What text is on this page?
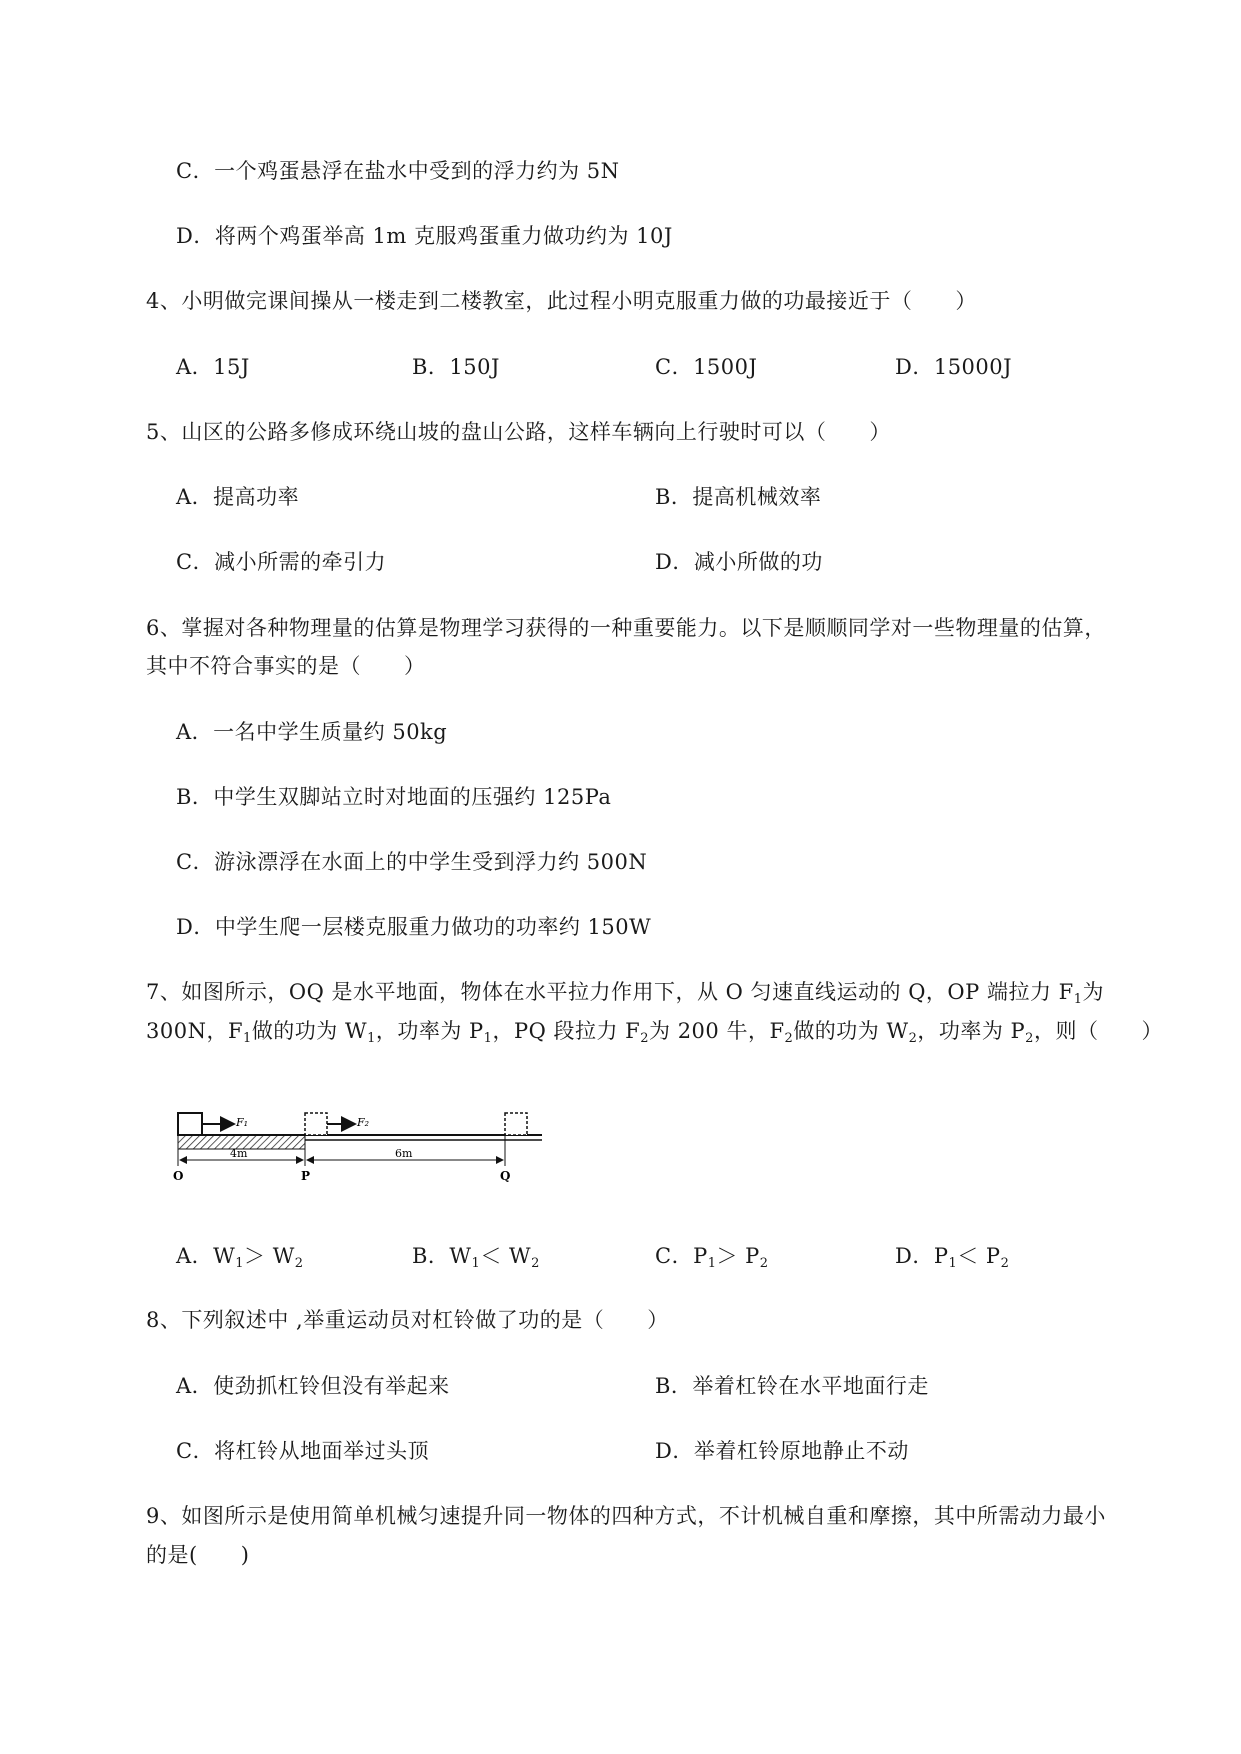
C．一个鸡蛋悬浮在盐水中受到的浮力约为 5N
D．将两个鸡蛋举高 1m 克服鸡蛋重力做功约为 10J
4、小明做完课间操从一楼走到二楼教室，此过程小明克服重力做的功最接近于（　　）
A．15J	B．150J	C．1500J	D．15000J
5、山区的公路多修成环绕山坡的盘山公路，这样车辆向上行驶时可以（　　）
A．提高功率	B．提高机械效率
C．减小所需的牵引力	D．减小所做的功
6、掌握对各种物理量的估算是物理学习获得的一种重要能力。以下是顺顺同学对一些物理量的估算，
其中不符合事实的是（　　）
A．一名中学生质量约 50kg
B．中学生双脚站立时对地面的压强约 125Pa
C．游泳漂浮在水面上的中学生受到浮力约 500N
D．中学生爬一层楼克服重力做功的功率约 150W
7、如图所示，OQ 是水平地面，物体在水平拉力作用下，从 O 匀速直线运动的 Q，OP 端拉力 $F_1$为
300N，$F_1$做的功为 $W_1$，功率为 $P_1$，PQ 段拉力 $F_2$为 200 牛，$F_2$做的功为 $W_2$，功率为 $P_2$，则（　　）
F₁	F₂
4m	6m
O	P	Q
A．$W_1> W_2$	B．$W_1< W_2$	C．$P_1> P_2$	D．$P_1< P_2$
8、下列叙述中 ,举重运动员对杠铃做了功的是（　　）
A．使劲抓杠铃但没有举起来	B．举着杠铃在水平地面行走
C．将杠铃从地面举过头顶	D．举着杠铃原地静止不动
9、如图所示是使用简单机械匀速提升同一物体的四种方式，不计机械自重和摩擦，其中所需动力最小
的是(　　)
